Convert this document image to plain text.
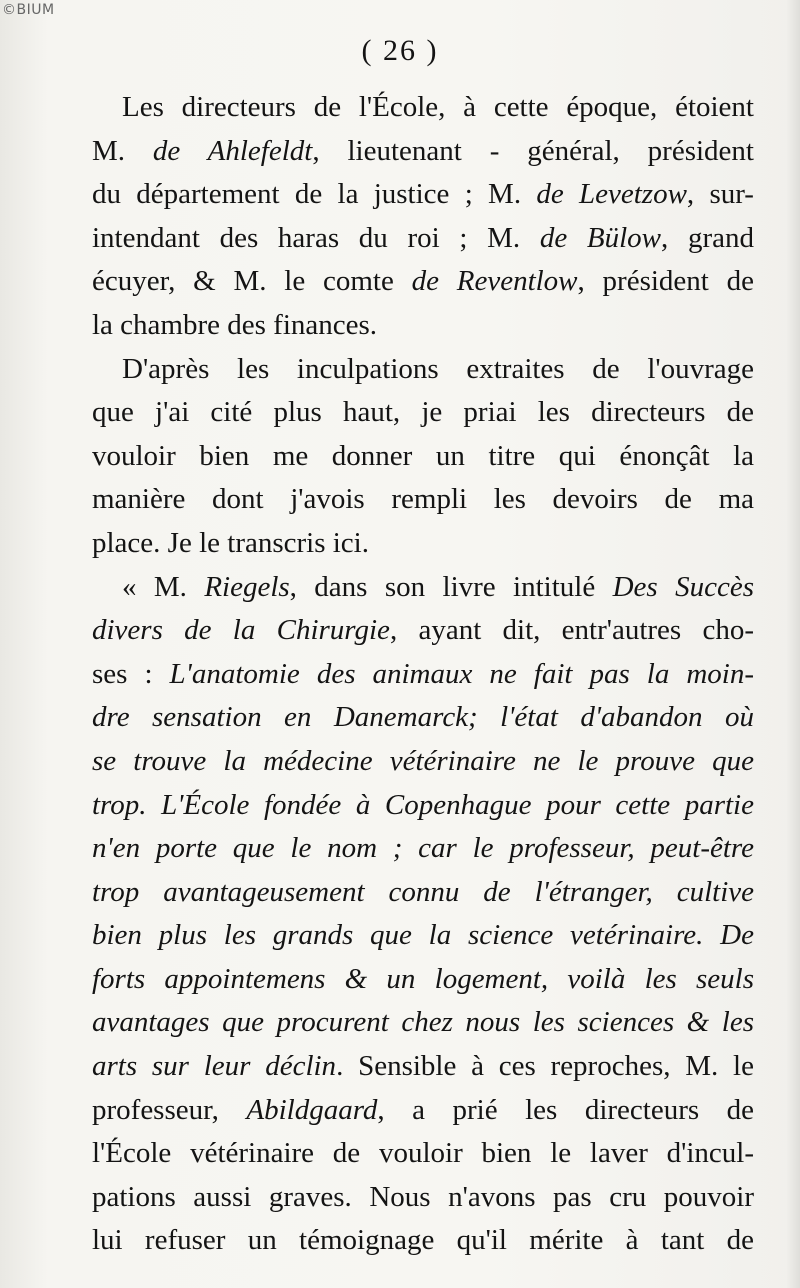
©BIUM
( 26 )
Les directeurs de l'École, à cette époque, étoient
M. de Ahlefeldt, lieutenant - général, président
du département de la justice ; M. de Levetzow, sur-
intendant des haras du roi ; M. de Bülow, grand
écuyer, & M. le comte de Reventlow, président de
la chambre des finances.
D'après les inculpations extraites de l'ouvrage
que j'ai cité plus haut, je priai les directeurs de
vouloir bien me donner un titre qui énonçât la
manière dont j'avois rempli les devoirs de ma
place. Je le transcris ici.
« M. Riegels, dans son livre intitulé Des Succès
divers de la Chirurgie, ayant dit, entr'autres cho-
ses : L'anatomie des animaux ne fait pas la moin-
dre sensation en Danemarck; l'état d'abandon où
se trouve la médecine vétérinaire ne le prouve que
trop. L'École fondée à Copenhague pour cette partie
n'en porte que le nom ; car le professeur, peut-être
trop avantageusement connu de l'étranger, cultive
bien plus les grands que la science vetérinaire. De
forts appointemens & un logement, voilà les seuls
avantages que procurent chez nous les sciences & les
arts sur leur déclin. Sensible à ces reproches, M. le
professeur, Abildgaard, a prié les directeurs de
l'École vétérinaire de vouloir bien le laver d'incul-
pations aussi graves. Nous n'avons pas cru pouvoir
lui refuser un témoignage qu'il mérite à tant de
